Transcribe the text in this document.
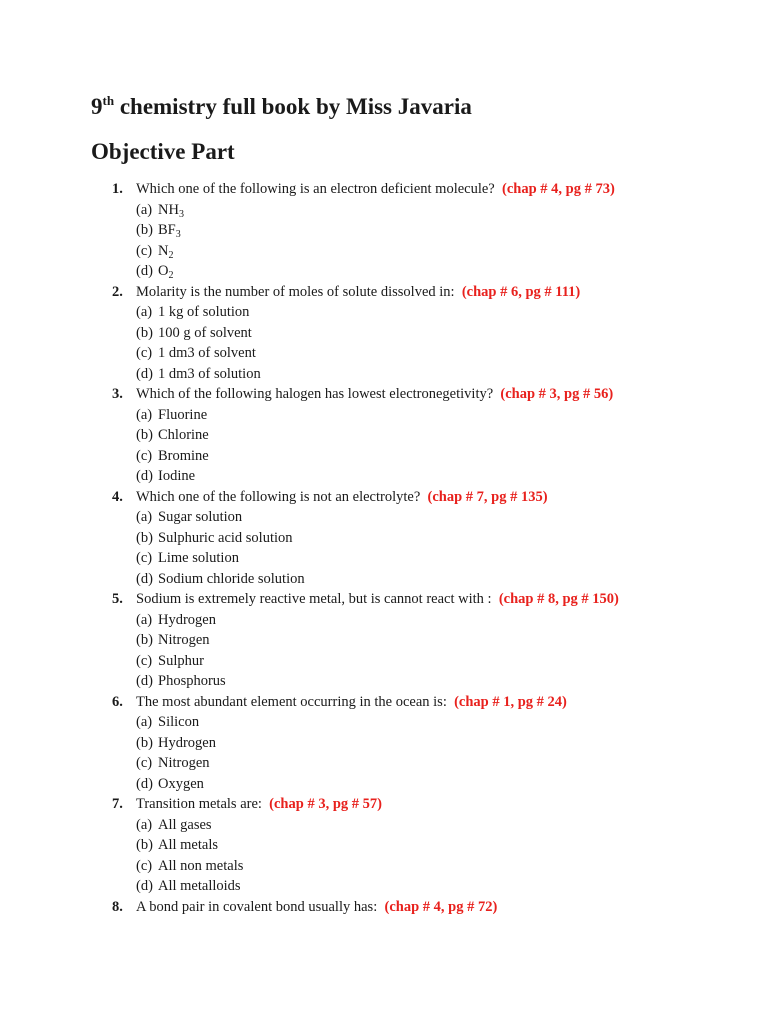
9th chemistry full book by Miss Javaria
Objective Part
1. Which one of the following is an electron deficient molecule? (chap # 4, pg # 73)
(a) $NH_3$
(b) $BF_3$
(c) $N_2$
(d) $O_2$
2. Molarity is the number of moles of solute dissolved in: (chap # 6, pg # 111)
(a) 1 kg of solution
(b) 100 g of solvent
(c) 1 dm3 of solvent
(d) 1 dm3 of solution
3. Which of the following halogen has lowest electronegetivity? (chap # 3, pg # 56)
(a) Fluorine
(b) Chlorine
(c) Bromine
(d) Iodine
4. Which one of the following is not an electrolyte? (chap # 7, pg # 135)
(a) Sugar solution
(b) Sulphuric acid solution
(c) Lime solution
(d) Sodium chloride solution
5. Sodium is extremely reactive metal, but is cannot react with : (chap # 8, pg # 150)
(a) Hydrogen
(b) Nitrogen
(c) Sulphur
(d) Phosphorus
6. The most abundant element occurring in the ocean is: (chap # 1, pg # 24)
(a) Silicon
(b) Hydrogen
(c) Nitrogen
(d) Oxygen
7. Transition metals are: (chap # 3, pg # 57)
(a) All gases
(b) All metals
(c) All non metals
(d) All metalloids
8. A bond pair in covalent bond usually has: (chap # 4, pg # 72)
